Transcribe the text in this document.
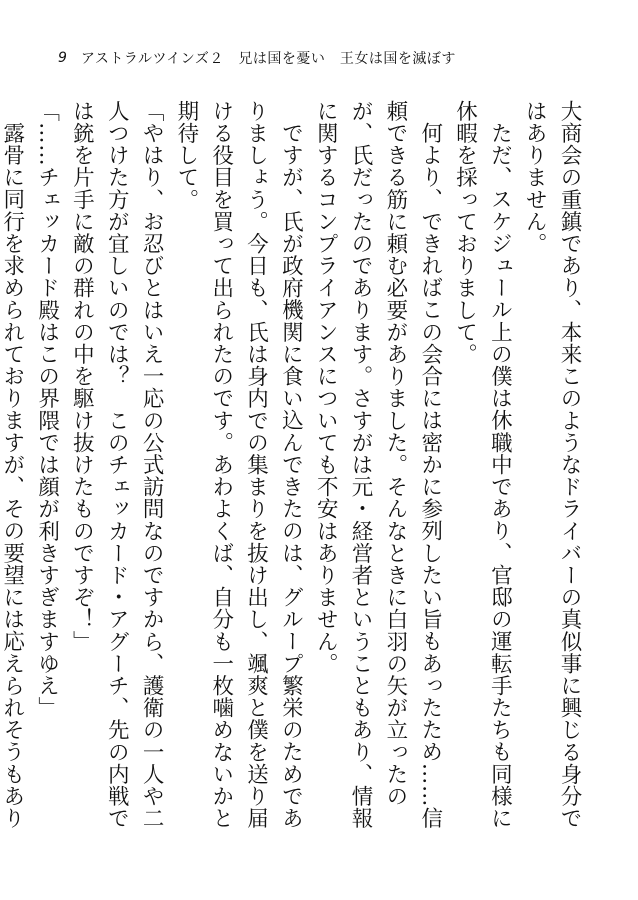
9 アストラルツインズ２　兄は国を憂い　王女は国を滅ぼす

大商会の重鎮であり、本来このようなドライバーの真似事に興じる身分ではありません。

ただ、スケジュール上の僕は休職中であり、官邸の運転手たちも同様に休暇を採っておりまして。

何より、できればこの会合には密かに参列したい旨もあったため……信頼できる筋に頼む必要がありました。そんなときに白羽の矢が立ったのが、氏だったのであります。さすがは元・経営者ということもあり、情報に関するコンプライアンスについても不安はありません。

ですが、氏が政府機関に食い込んできたのは、グループ繁栄のためでありましょう。今日も、氏は身内での集まりを抜け出し、颯爽と僕を送り届ける役目を買って出られたのです。あわよくば、自分も一枚噛めないかと期待して。

「やはり、お忍びとはいえ一応の公式訪問なのですから、護衛の一人や二人つけた方が宜しいのでは？　このチェッカード・アグーチ、先の内戦では銃を片手に敵の群れの中を駆け抜けたものですぞ！」

「……チェッカード殿はこの界隈では顔が利きすぎますゆえ」

露骨に同行を求められておりますが、その要望には応えられそうもあり
